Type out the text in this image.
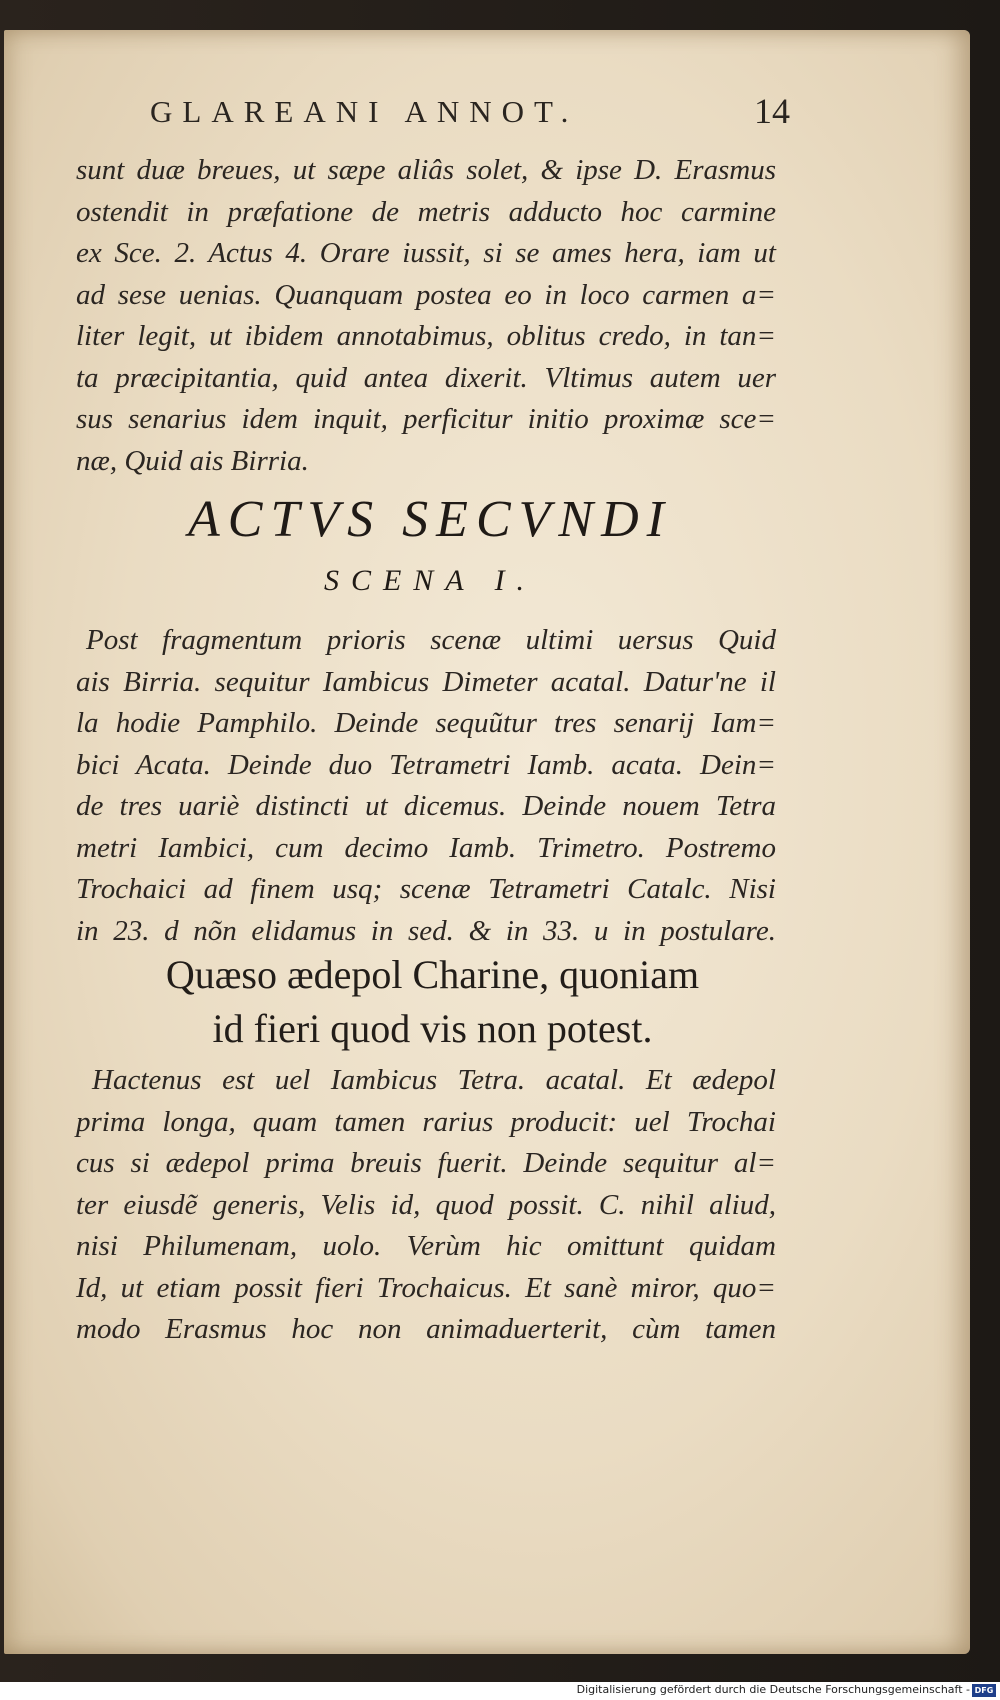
GLAREANI ANNOT.	14
sunt duæ breues, ut sæpe aliâs solet, & ipse D. Erasmus
ostendit in præfatione de metris adducto hoc carmine
ex Sce. 2. Actus 4. Orare iussit, si se ames hera, iam ut
ad sese uenias. Quanquam postea eo in loco carmen a=
liter legit, ut ibidem annotabimus, oblitus credo, in tan=
ta præcipitantia, quid antea dixerit. Vltimus autem uer
sus senarius idem inquit, perficitur initio proximæ sce=
næ, Quid ais Birria.
ACTVS SECVNDI
SCENA I.
Post fragmentum prioris scenæ ultimi uersus Quid
ais Birria. sequitur Iambicus Dimeter acatal. Datur'ne il
la hodie Pamphilo. Deinde sequũtur tres senarij Iam=
bici Acata. Deinde duo Tetrametri Iamb. acata. Dein=
de tres uariè distincti ut dicemus. Deinde nouem Tetra
metri Iambici, cum decimo Iamb. Trimetro. Postremo
Trochaici ad finem usq; scenæ Tetrametri Catalc. Nisi
in 23. d nõn elidamus in sed. & in 33. u in postulare.
Quæso ædepol Charine, quoniam
id fieri quod vis non potest.
Hactenus est uel Iambicus Tetra. acatal. Et ædepol
prima longa, quam tamen rarius producit: uel Trochai
cus si ædepol prima breuis fuerit. Deinde sequitur al=
ter eiusdẽ generis, Velis id, quod possit. C. nihil aliud,
nisi Philumenam, uolo. Verùm hic omittunt quidam
Id, ut etiam possit fieri Trochaicus. Et sanè miror, quo=
modo Erasmus hoc non animaduerterit, cùm tamen
Digitalisierung gefördert durch die Deutsche Forschungsgemeinschaft - DFG
